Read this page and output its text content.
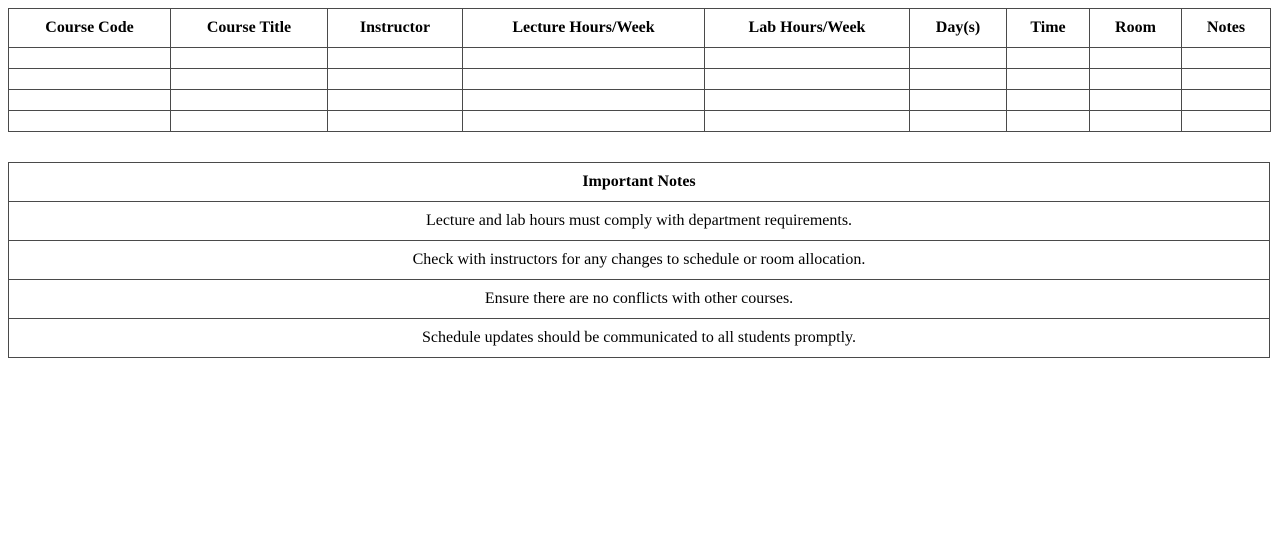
Course Code	Course Title	Instructor	Lecture Hours/Week	Lab Hours/Week	Day(s)	Time	Room	Notes

Important Notes
Lecture and lab hours must comply with department requirements.
Check with instructors for any changes to schedule or room allocation.
Ensure there are no conflicts with other courses.
Schedule updates should be communicated to all students promptly.
